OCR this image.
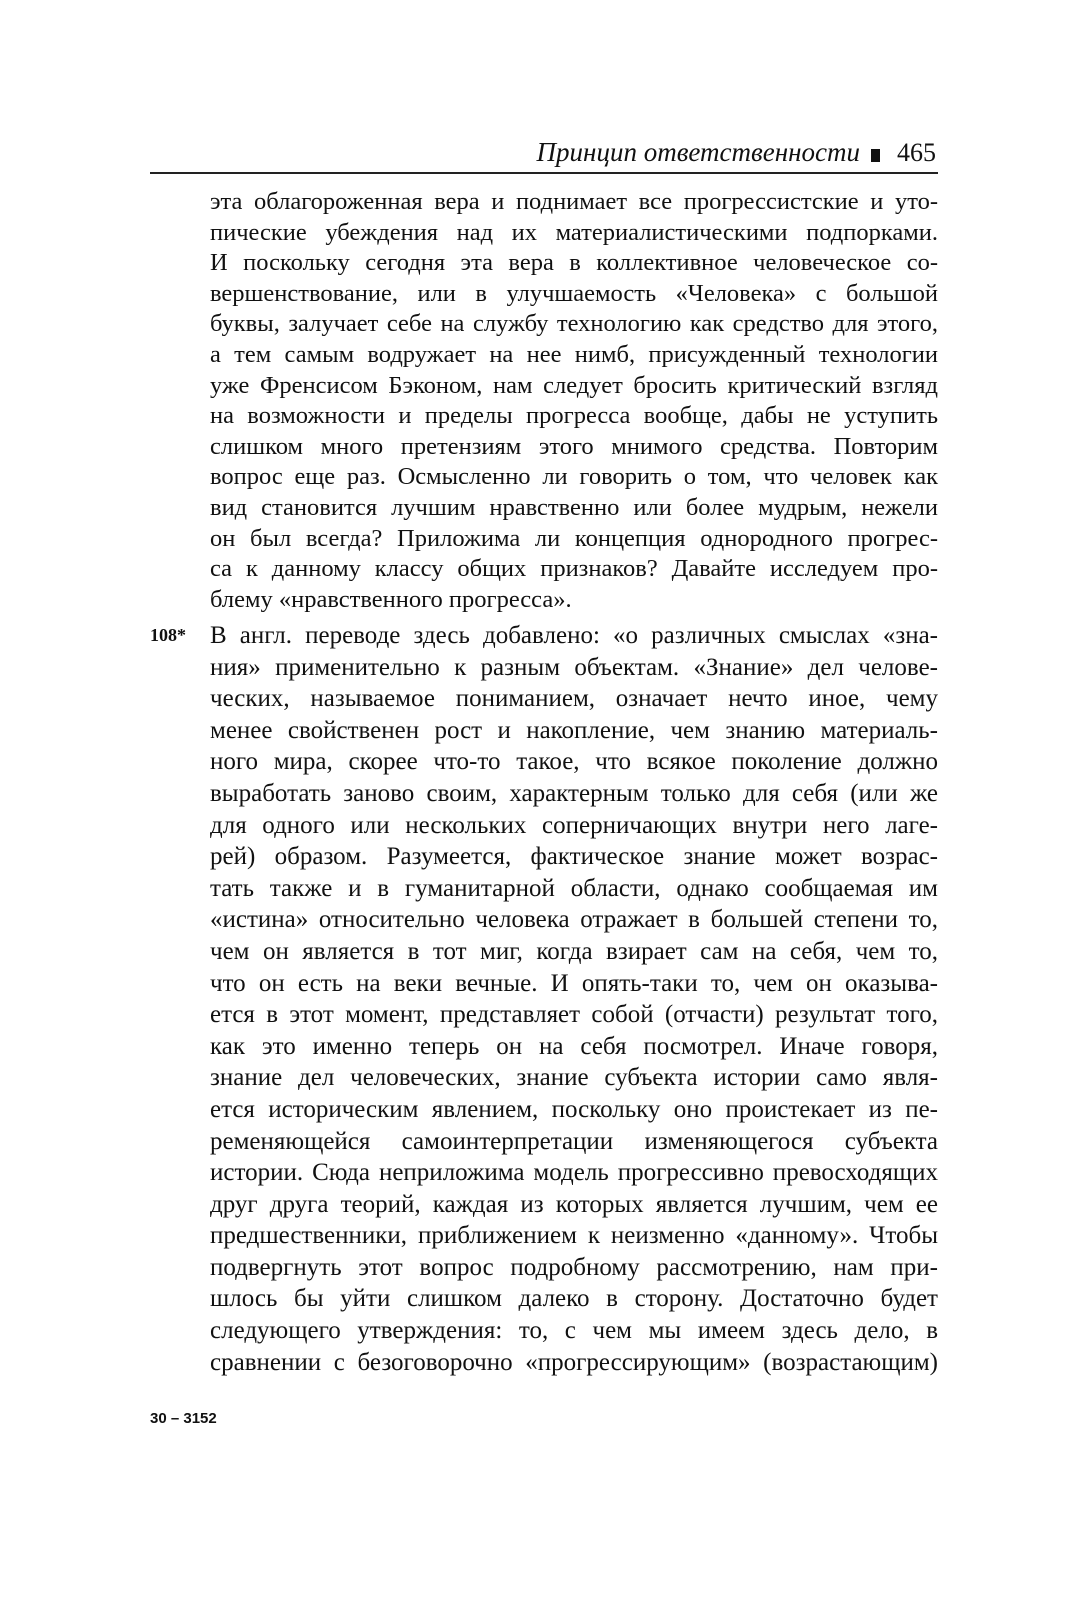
Принцип ответственности 465
эта облагороженная вера и поднимает все прогрессистские и уто-
пические убеждения над их материалистическими подпорками.
И поскольку сегодня эта вера в коллективное человеческое со-
вершенствование, или в улучшаемость «Человека» с большой
буквы, залучает себе на службу технологию как средство для этого,
а тем самым водружает на нее нимб, присужденный технологии
уже Френсисом Бэконом, нам следует бросить критический взгляд
на возможности и пределы прогресса вообще, дабы не уступить
слишком много претензиям этого мнимого средства. Повторим
вопрос еще раз. Осмысленно ли говорить о том, что человек как
вид становится лучшим нравственно или более мудрым, нежели
он был всегда? Приложима ли концепция однородного прогрес-
са к данному классу общих признаков? Давайте исследуем про-
блему «нравственного прогресса».
108* В англ. переводе здесь добавлено: «о различных смыслах «зна-
ния» применительно к разным объектам. «Знание» дел челове-
ческих, называемое пониманием, означает нечто иное, чему
менее свойственен рост и накопление, чем знанию материаль-
ного мира, скорее что-то такое, что всякое поколение должно
выработать заново своим, характерным только для себя (или же
для одного или нескольких соперничающих внутри него лаге-
рей) образом. Разумеется, фактическое знание может возрас-
тать также и в гуманитарной области, однако сообщаемая им
«истина» относительно человека отражает в большей степени то,
чем он является в тот миг, когда взирает сам на себя, чем то,
что он есть на веки вечные. И опять-таки то, чем он оказыва-
ется в этот момент, представляет собой (отчасти) результат того,
как это именно теперь он на себя посмотрел. Иначе говоря,
знание дел человеческих, знание субъекта истории само явля-
ется историческим явлением, поскольку оно проистекает из пе-
ременяющейся самоинтерпретации изменяющегося субъекта
истории. Сюда неприложима модель прогрессивно превосходящих
друг друга теорий, каждая из которых является лучшим, чем ее
предшественники, приближением к неизменно «данному». Чтобы
подвергнуть этот вопрос подробному рассмотрению, нам при-
шлось бы уйти слишком далеко в сторону. Достаточно будет
следующего утверждения: то, с чем мы имеем здесь дело, в
сравнении с безоговорочно «прогрессирующим» (возрастающим)
30 – 3152
